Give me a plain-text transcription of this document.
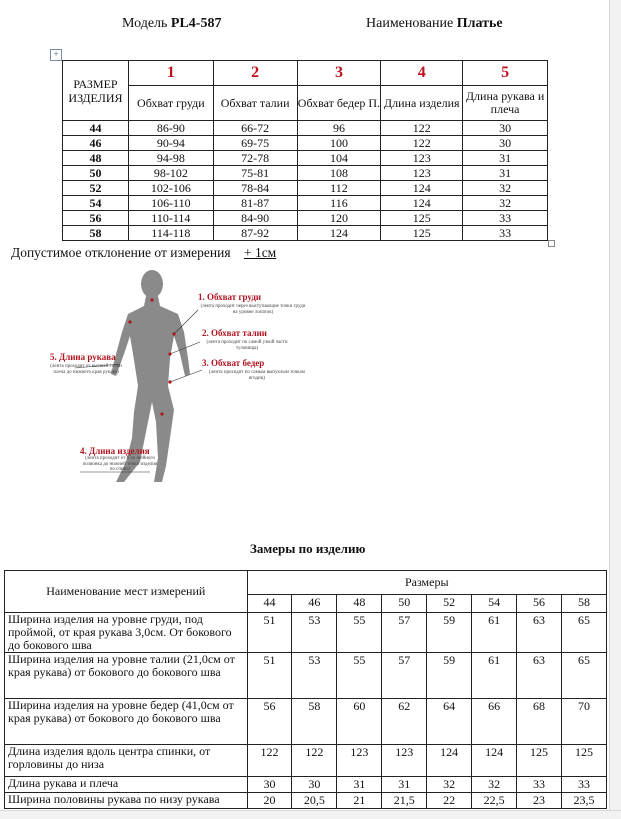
Модель PL4-587	Наименование Платье
+
РАЗМЕР ИЗДЕЛИЯ	1	2	3	4	5
	Обхват груди	Обхват талии	Обхват бедер П.	Длина изделия	Длина рукава и плеча
44	86-90	66-72	96	122	30
46	90-94	69-75	100	122	30
48	94-98	72-78	104	123	31
50	98-102	75-81	108	123	31
52	102-106	78-84	112	124	32
54	106-110	81-87	116	124	32
56	110-114	84-90	120	125	33
58	114-118	87-92	124	125	33
Допустимое отклонение от измерения + 1см
1. Обхват груди
(лента проходит через выступающие точки груди на уровне лопаток)
2. Обхват талии
(лента проходит по самой узкой части туловища)
3. Обхват бедер
(лента проходит по самым выпуклым точкам ягодиц)
5. Длина рукава
(лента проходит от высшей точки плеча до нижнего края рукава)
4. Длина изделия
(лента проходит от 6-го шейного позвонка до нижней точки изделия по спине)
Замеры по изделию
Наименование мест измерений	Размеры							
	44	46	48	50	52	54	56	58
Ширина изделия на уровне груди, под проймой, от края рукава 3,0см. От бокового до бокового шва	51	53	55	57	59	61	63	65
Ширина изделия на уровне талии (21,0см от края рукава) от бокового до бокового шва	51	53	55	57	59	61	63	65
Ширина изделия на уровне бедер (41,0см от края рукава) от бокового до бокового шва	56	58	60	62	64	66	68	70
Длина изделия вдоль центра спинки, от горловины до низа	122	122	123	123	124	124	125	125
Длина рукава и плеча	30	30	31	31	32	32	33	33
Ширина половины рукава по низу рукава	20	20,5	21	21,5	22	22,5	23	23,5
